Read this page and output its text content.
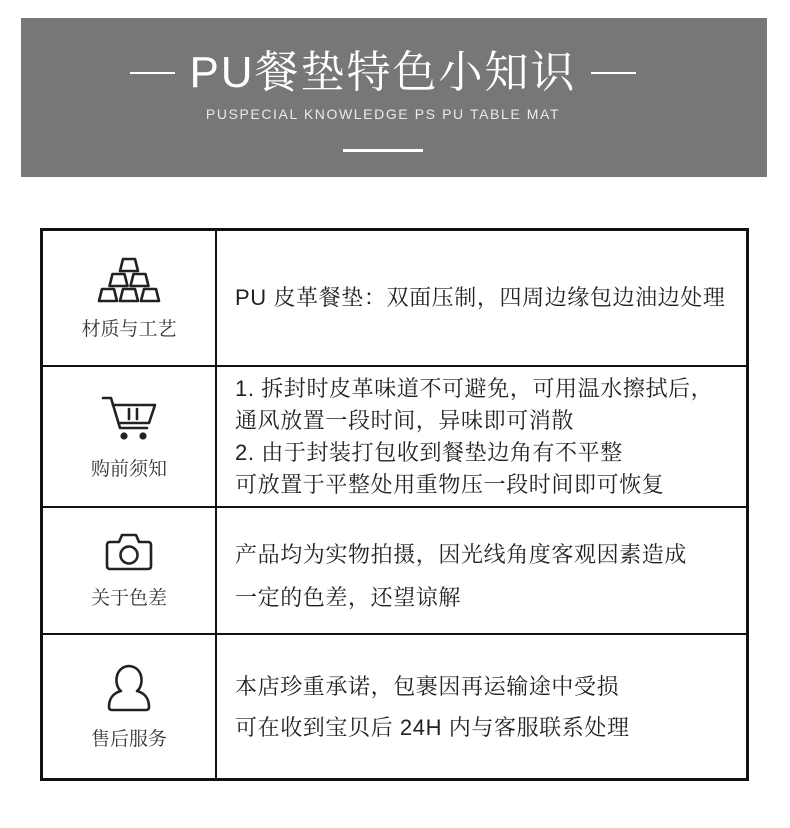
PU餐垫特色小知识
PUSPECIAL KNOWLEDGE PS PU TABLE MAT
材质与工艺
PU 皮革餐垫：双面压制，四周边缘包边油边处理
购前须知
1. 拆封时皮革味道不可避免，可用温水擦拭后，
通风放置一段时间，异味即可消散
2. 由于封装打包收到餐垫边角有不平整
可放置于平整处用重物压一段时间即可恢复
关于色差
产品均为实物拍摄，因光线角度客观因素造成
一定的色差，还望谅解
售后服务
本店珍重承诺，包裹因再运输途中受损
可在收到宝贝后 24H 内与客服联系处理
